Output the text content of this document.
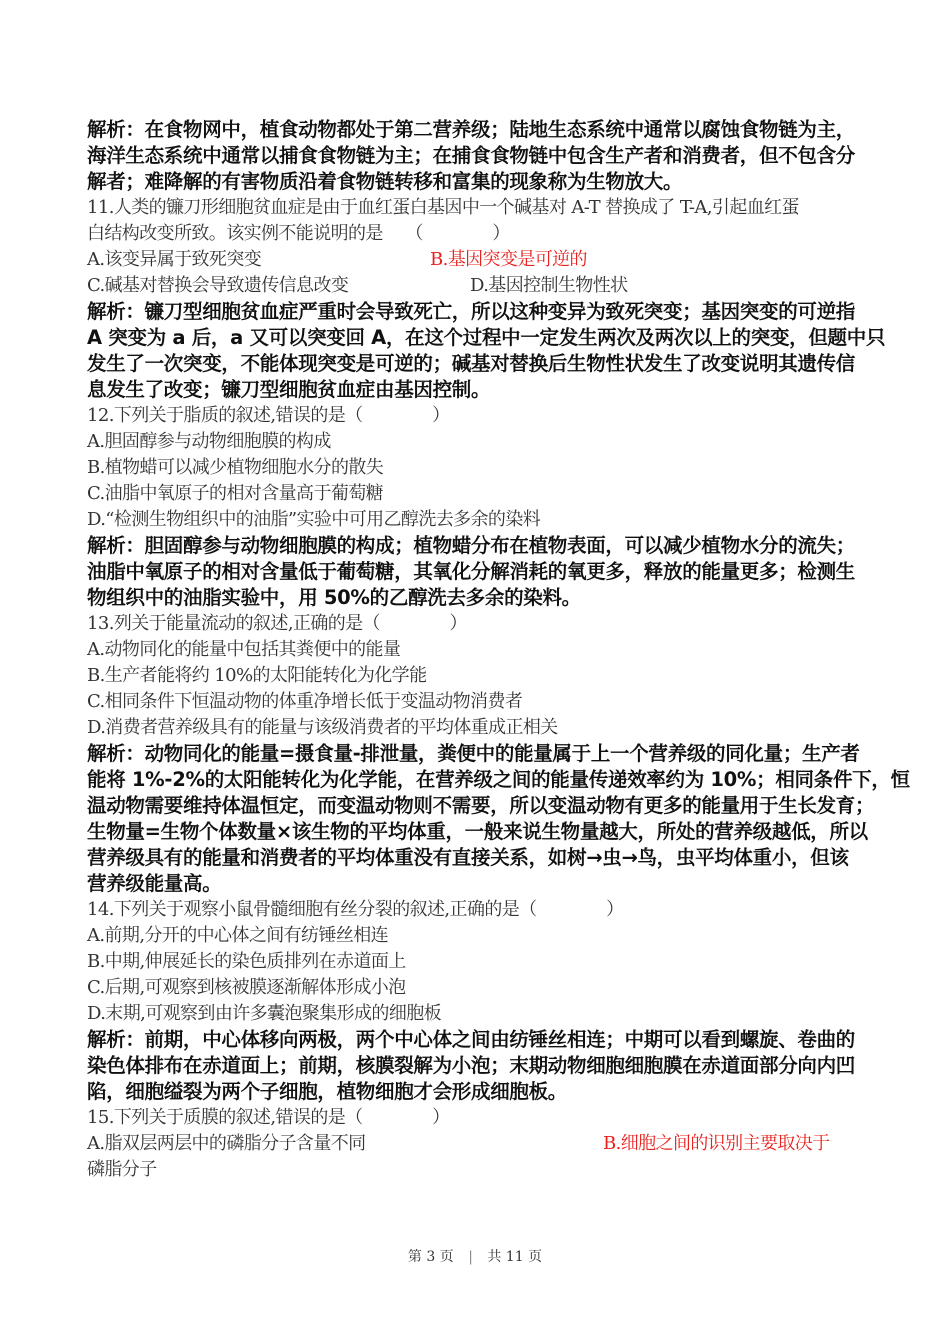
解析：在食物网中，植食动物都处于第二营养级；陆地生态系统中通常以腐蚀食物链为主，
海洋生态系统中通常以捕食食物链为主；在捕食食物链中包含生产者和消费者，但不包含分
解者；难降解的有害物质沿着食物链转移和富集的现象称为生物放大。
11.人类的镰刀形细胞贫血症是由于血红蛋白基因中一个碱基对 A-T 替换成了 T-A,引起血红蛋
白结构改变所致。该实例不能说明的是　 （　　　　）
A.该变异属于致死突变	B.基因突变是可逆的
C.碱基对替换会导致遗传信息改变	D.基因控制生物性状
解析：镰刀型细胞贫血症严重时会导致死亡，所以这种变异为致死突变；基因突变的可逆指
A 突变为 a 后，a 又可以突变回 A，在这个过程中一定发生两次及两次以上的突变，但题中只
发生了一次突变，不能体现突变是可逆的；碱基对替换后生物性状发生了改变说明其遗传信
息发生了改变；镰刀型细胞贫血症由基因控制。
12.下列关于脂质的叙述,错误的是（　　　　）
A.胆固醇参与动物细胞膜的构成
B.植物蜡可以减少植物细胞水分的散失
C.油脂中氧原子的相对含量高于葡萄糖
D.“检测生物组织中的油脂”实验中可用乙醇洗去多余的染料
解析：胆固醇参与动物细胞膜的构成；植物蜡分布在植物表面，可以减少植物水分的流失；
油脂中氧原子的相对含量低于葡萄糖，其氧化分解消耗的氧更多，释放的能量更多；检测生
物组织中的油脂实验中，用 50%的乙醇洗去多余的染料。
13.列关于能量流动的叙述,正确的是（　　　　）
A.动物同化的能量中包括其粪便中的能量
B.生产者能将约 10%的太阳能转化为化学能
C.相同条件下恒温动物的体重净增长低于变温动物消费者
D.消费者营养级具有的能量与该级消费者的平均体重成正相关
解析：动物同化的能量=摄食量-排泄量，粪便中的能量属于上一个营养级的同化量；生产者
能将 1%-2%的太阳能转化为化学能，在营养级之间的能量传递效率约为 10%；相同条件下，恒
温动物需要维持体温恒定，而变温动物则不需要，所以变温动物有更多的能量用于生长发育；
生物量=生物个体数量×该生物的平均体重，一般来说生物量越大，所处的营养级越低，所以
营养级具有的能量和消费者的平均体重没有直接关系，如树→虫→鸟，虫平均体重小，但该
营养级能量高。
14.下列关于观察小鼠骨髓细胞有丝分裂的叙述,正确的是（　　　　）
A.前期,分开的中心体之间有纺锤丝相连
B.中期,伸展延长的染色质排列在赤道面上
C.后期,可观察到核被膜逐渐解体形成小泡
D.末期,可观察到由许多囊泡聚集形成的细胞板
解析：前期，中心体移向两极，两个中心体之间由纺锤丝相连；中期可以看到螺旋、卷曲的
染色体排布在赤道面上；前期，核膜裂解为小泡；末期动物细胞细胞膜在赤道面部分向内凹
陷，细胞缢裂为两个子细胞，植物细胞才会形成细胞板。
15.下列关于质膜的叙述,错误的是（　　　　）
A.脂双层两层中的磷脂分子含量不同	B.细胞之间的识别主要取决于
磷脂分子
第 3 页 | 共 11 页
